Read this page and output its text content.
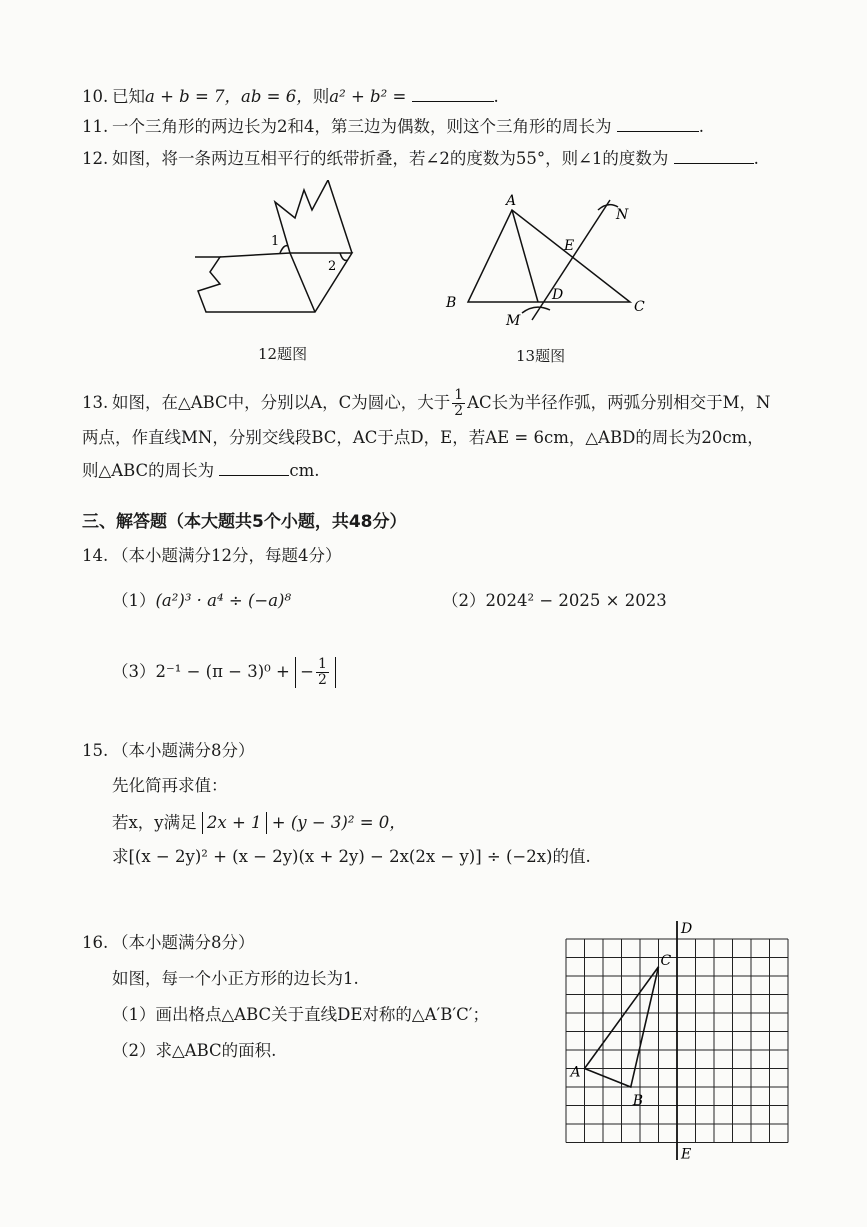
10. 已知a + b = 7，ab = 6，则a² + b² =	.
11. 一个三角形的两边长为2和4，第三边为偶数，则这个三角形的周长为	.
12. 如图，将一条两边互相平行的纸带折叠，若∠2的度数为55°，则∠1的度数为	.
1
2
12题图
A
B	C
D
E
M
N
13题图
13. 如图，在△ABC中，分别以A，C为圆心，大于 $\frac{1}{2}$ AC长为半径作弧，两弧分别相交于M，N
两点，作直线MN，分别交线段BC，AC于点D，E，若AE = 6cm，△ABD的周长为20cm，
则△ABC的周长为	cm.
三、解答题（本大题共5个小题，共48分）
14. （本小题满分12分，每题4分）
（1）(a²)³ · a⁴ ÷ (−a)⁸	（2）2024² − 2025 × 2023
（3）2⁻¹ − (π − 3)⁰ + − $\frac{1}{2}$
15. （本小题满分8分）
先化简再求值：
若x，y满足 2x + 1 + (y − 3)² = 0，
求[(x − 2y)² + (x − 2y)(x + 2y) − 2x(2x − y)] ÷ (−2x)的值.
16. （本小题满分8分）
如图，每一个小正方形的边长为1.
（1）画出格点△ABC关于直线DE对称的△A′B′C′；
（2）求△ABC的面积.
D
E
A
B
C
